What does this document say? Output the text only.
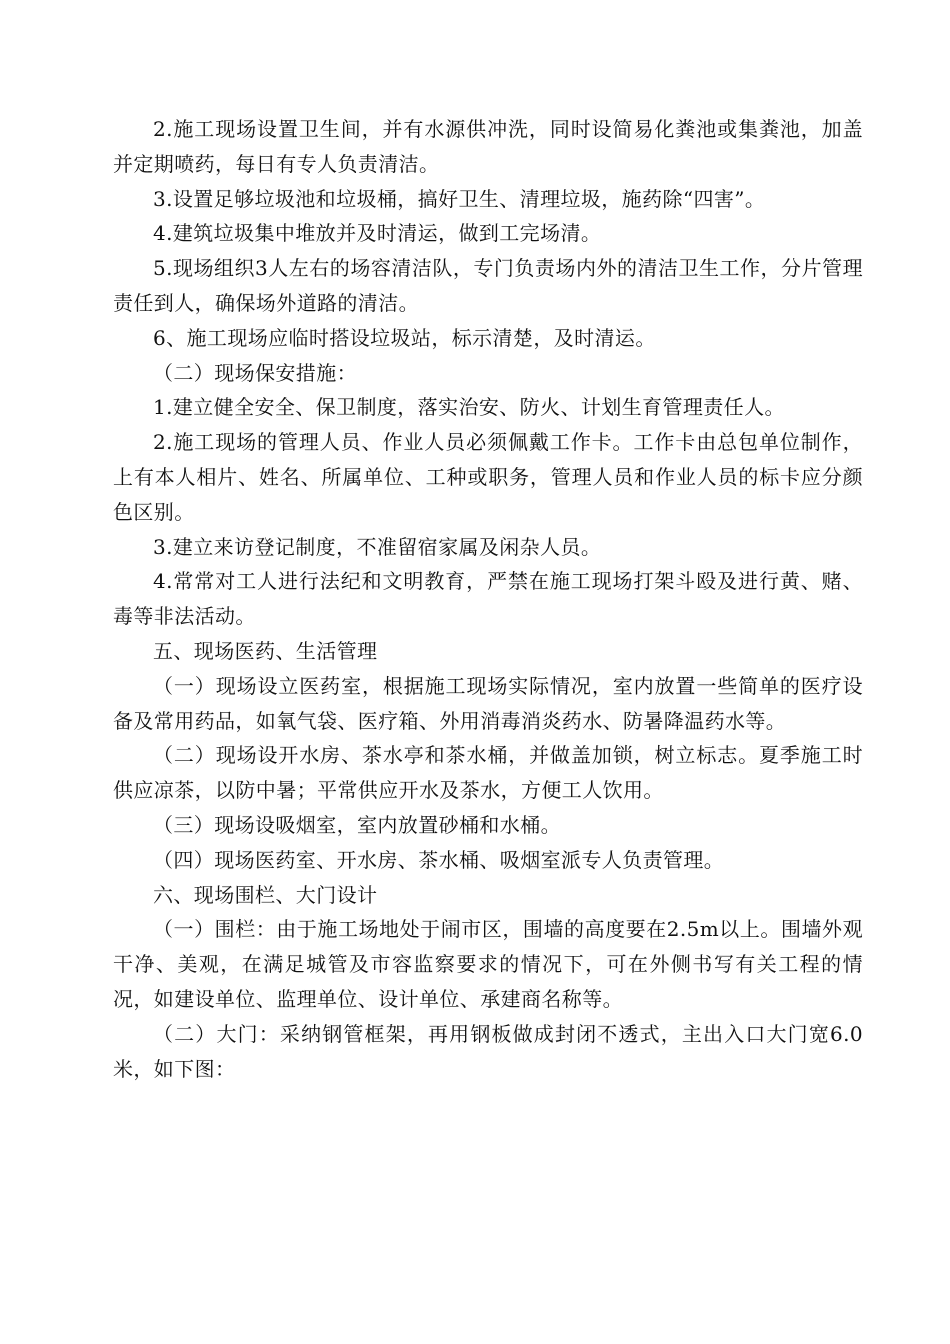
2.施工现场设置卫生间，并有水源供冲洗，同时设简易化粪池或集粪池，加盖并定期喷药，每日有专人负责清洁。

3.设置足够垃圾池和垃圾桶，搞好卫生、清理垃圾，施药除“四害”。

4.建筑垃圾集中堆放并及时清运，做到工完场清。

5.现场组织3人左右的场容清洁队，专门负责场内外的清洁卫生工作，分片管理责任到人，确保场外道路的清洁。

6、施工现场应临时搭设垃圾站，标示清楚，及时清运。

（二）现场保安措施：

1.建立健全安全、保卫制度，落实治安、防火、计划生育管理责任人。

2.施工现场的管理人员、作业人员必须佩戴工作卡。工作卡由总包单位制作，上有本人相片、姓名、所属单位、工种或职务，管理人员和作业人员的标卡应分颜色区别。

3.建立来访登记制度，不准留宿家属及闲杂人员。

4.常常对工人进行法纪和文明教育，严禁在施工现场打架斗殴及进行黄、赌、毒等非法活动。

五、现场医药、生活管理

（一）现场设立医药室，根据施工现场实际情况，室内放置一些简单的医疗设备及常用药品，如氧气袋、医疗箱、外用消毒消炎药水、防暑降温药水等。

（二）现场设开水房、茶水亭和茶水桶，并做盖加锁，树立标志。夏季施工时供应凉茶，以防中暑；平常供应开水及茶水，方便工人饮用。

（三）现场设吸烟室，室内放置砂桶和水桶。

（四）现场医药室、开水房、茶水桶、吸烟室派专人负责管理。

六、现场围栏、大门设计

（一）围栏：由于施工场地处于闹市区，围墙的高度要在2.5m以上。围墙外观干净、美观，在满足城管及市容监察要求的情况下，可在外侧书写有关工程的情况，如建设单位、监理单位、设计单位、承建商名称等。

（二）大门：采纳钢管框架，再用钢板做成封闭不透式，主出入口大门宽6.0米，如下图：
